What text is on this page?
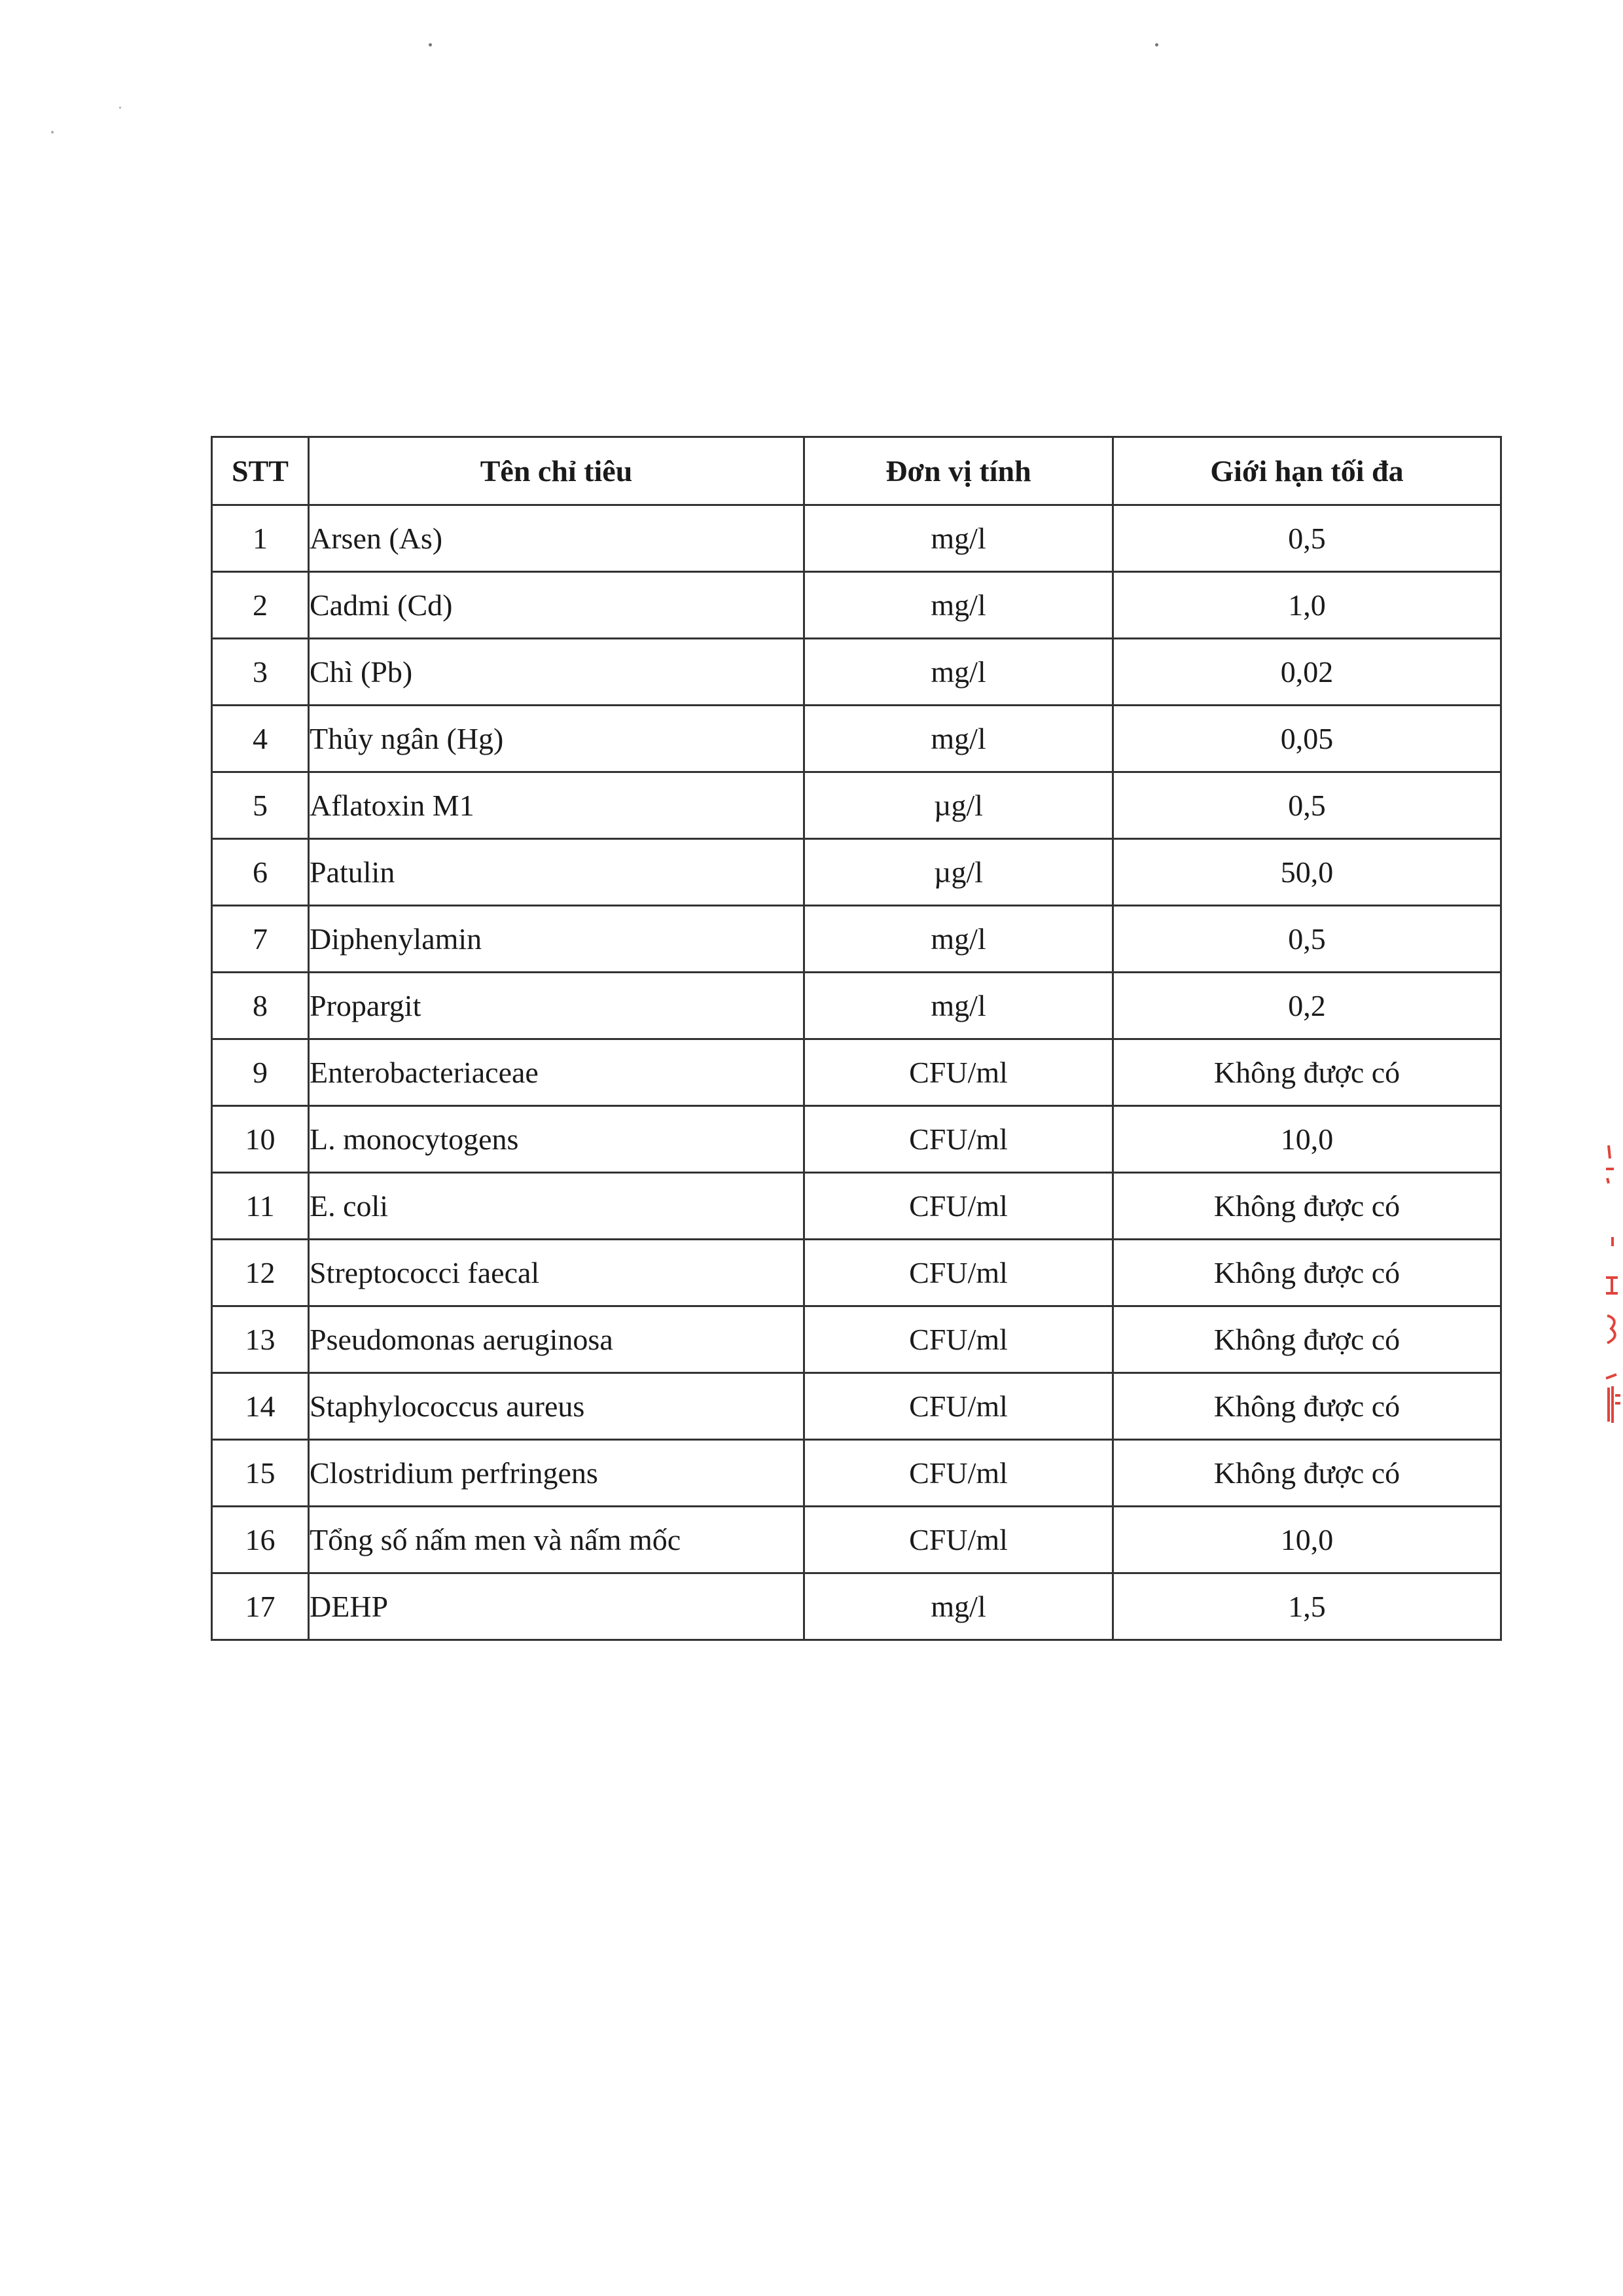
STT	Tên chỉ tiêu	Đơn vị tính	Giới hạn tối đa
1	Arsen (As)	mg/l	0,5
2	Cadmi (Cd)	mg/l	1,0
3	Chì (Pb)	mg/l	0,02
4	Thủy ngân (Hg)	mg/l	0,05
5	Aflatoxin M1	µg/l	0,5
6	Patulin	µg/l	50,0
7	Diphenylamin	mg/l	0,5
8	Propargit	mg/l	0,2
9	Enterobacteriaceae	CFU/ml	Không được có
10	L. monocytogens	CFU/ml	10,0
11	E. coli	CFU/ml	Không được có
12	Streptococci faecal	CFU/ml	Không được có
13	Pseudomonas aeruginosa	CFU/ml	Không được có
14	Staphylococcus aureus	CFU/ml	Không được có
15	Clostridium perfringens	CFU/ml	Không được có
16	Tổng số nấm men và nấm mốc	CFU/ml	10,0
17	DEHP	mg/l	1,5
